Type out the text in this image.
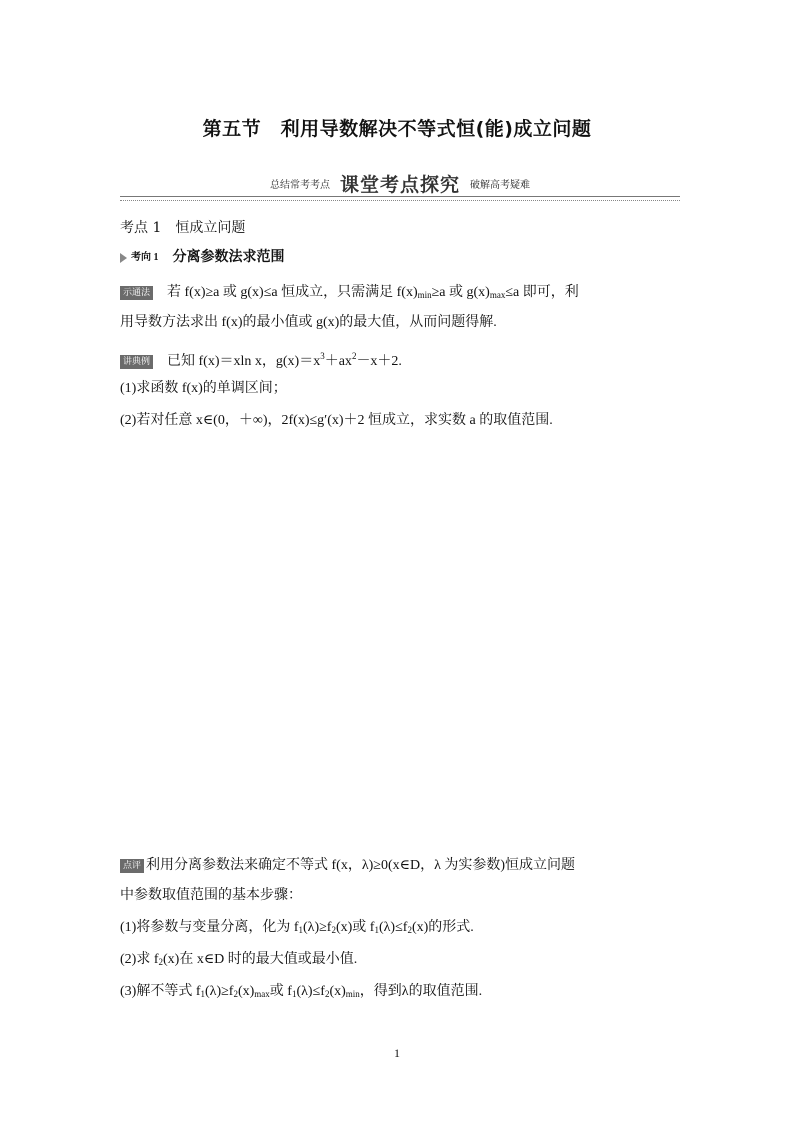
第五节　利用导数解决不等式恒(能)成立问题
总结常考考点 课堂考点探究 破解高考疑难
考点 1　恒成立问题
考向 1 分离参数法求范围
示通法 若 f(x)≥a 或 g(x)≤a 恒成立，只需满足 $f(x)_{min}\ge a$ 或 $g(x)_{max}\le a$ 即可，利
用导数方法求出 f(x)的最小值或 g(x)的最大值，从而问题得解.
讲典例 已知 f(x)＝xln x，$g(x)=x^3+ax^2-x+2$.
(1)求函数 f(x)的单调区间；
(2)若对任意 x∈(0，＋∞)，2f(x)≤g′(x)＋2 恒成立，求实数 a 的取值范围.
点评 利用分离参数法来确定不等式 f(x，λ)≥0(x∈D，λ 为实参数)恒成立问题
中参数取值范围的基本步骤：
(1)将参数与变量分离，化为 $f_1(\lambda)\ge f_2(x)$或 $f_1(\lambda)\le f_2(x)$的形式.
(2)求 $f_2(x)$在 x∈D 时的最大值或最小值.
(3)解不等式 $f_1(\lambda)\ge f_2(x)_{max}$或 $f_1(\lambda)\le f_2(x)_{min}$，得到λ的取值范围.
1
